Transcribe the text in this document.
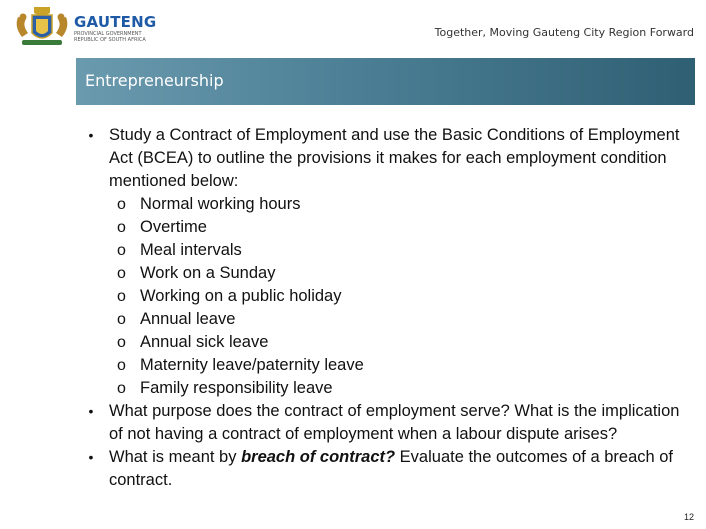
GAUTENG
PROVINCIAL GOVERNMENT
REPUBLIC OF SOUTH AFRICA
Together, Moving Gauteng City Region Forward
Entrepreneurship
• Study a Contract of Employment and use the Basic Conditions of Employment Act (BCEA) to outline the provisions it makes for each employment condition mentioned below:
o Normal working hours
o Overtime
o Meal intervals
o Work on a Sunday
o Working on a public holiday
o Annual leave
o Annual sick leave
o Maternity leave/paternity leave
o Family responsibility leave
• What purpose does the contract of employment serve? What is the implication of not having a contract of employment when a labour dispute arises?
• What is meant by breach of contract? Evaluate the outcomes of a breach of contract.
12
